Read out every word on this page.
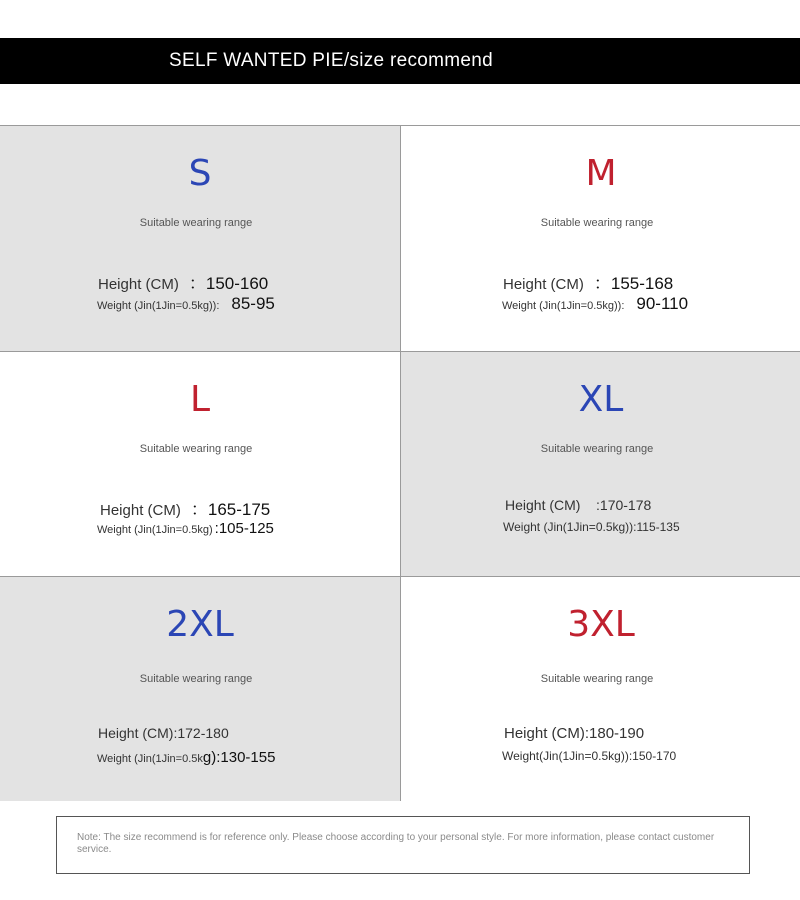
SELF WANTED PIE/size recommend
S
Suitable wearing range
Height (CM) ：150-160
Weight (Jin(1Jin=0.5kg)): 85-95
M
Suitable wearing range
Height (CM) ：155-168
Weight (Jin(1Jin=0.5kg)): 90-110
L
Suitable wearing range
Height (CM) ：165-175
Weight (Jin(1Jin=0.5kg) :105-125
XL
Suitable wearing range
Height (CM)    :170-178
Weight (Jin(1Jin=0.5kg)):115-135
2XL
Suitable wearing range
Height (CM):172-180
Weight (Jin(1Jin=0.5kg):130-155
3XL
Suitable wearing range
Height (CM):180-190
Weight(Jin(1Jin=0.5kg)):150-170
Note: The size recommend is for reference only. Please choose according to your personal style. For more information, please contact customer service.
